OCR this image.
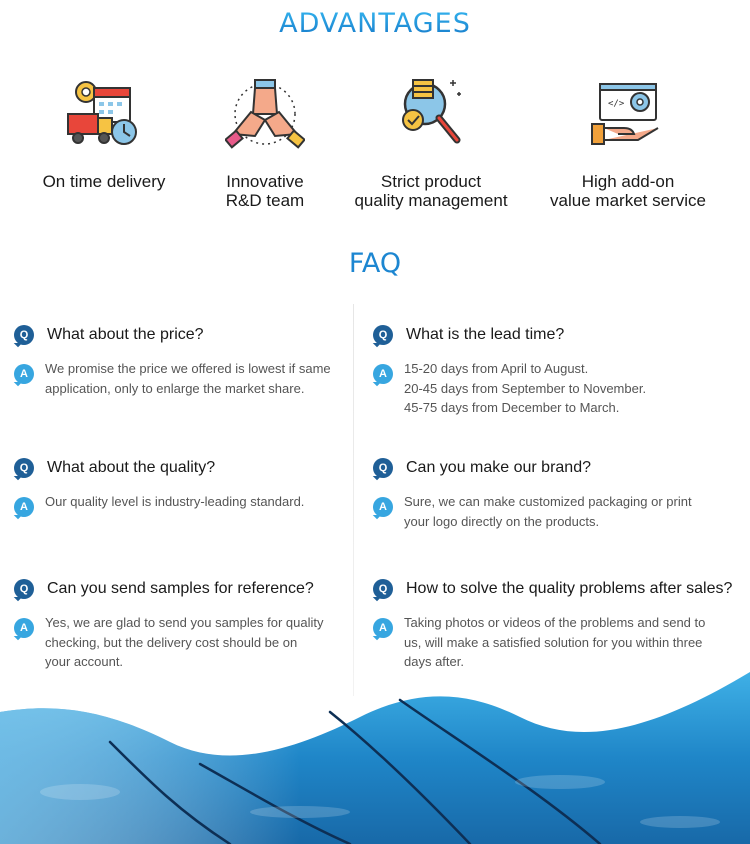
ADVANTAGES
On time delivery	Innovative
R&D team
Strict product
quality management
</>
High add-on
value market service
FAQ
Q	What about the price?
A	We promise the price we offered is lowest if same
application, only to enlarge the market share.
Q	What is the lead time?
A	15-20 days from April to August.
20-45 days from September to November.
45-75 days from December to March.
Q	What about the quality?
A	Our quality level is industry-leading standard.
Q	Can you make our brand?
A	Sure, we can make customized packaging or print
your logo directly on the products.
Q	Can you send samples for reference?
A	Yes, we are glad to send you samples for quality
checking, but the delivery cost should be on
your account.
Q	How to solve the quality problems after sales?
A	Taking photos or videos of the problems and send to
us, will make a satisfied solution for you within three
days after.
